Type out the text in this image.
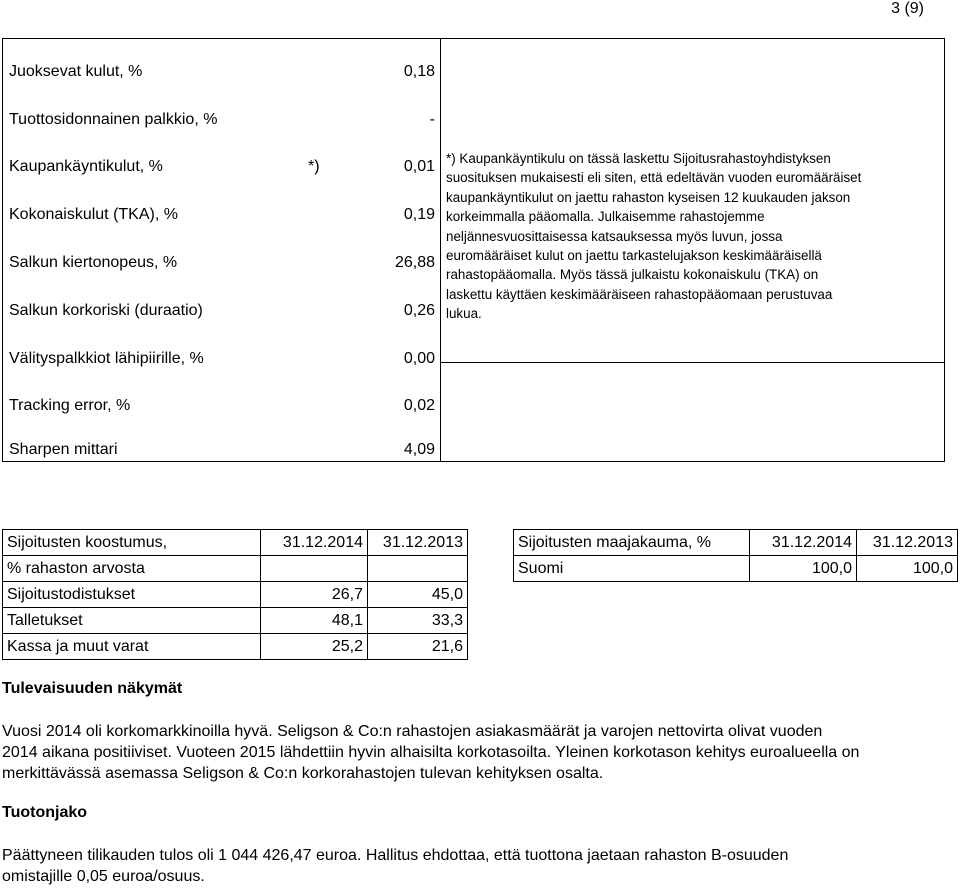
3 (9)
Juoksevat kulut, %	0,18
Tuottosidonnainen palkkio, %	-
Kaupankäyntikulut, %	*)	0,01
Kokonaiskulut (TKA), %	0,19
Salkun kiertonopeus, %	26,88
Salkun korkoriski (duraatio)	0,26
Välityspalkkiot lähipiirille, %	0,00
Tracking error, %	0,02
Sharpen mittari	4,09
*) Kaupankäyntikulu on tässä laskettu Sijoitusrahastoyhdistyksen
suosituksen mukaisesti eli siten, että edeltävän vuoden euromääräiset
kaupankäyntikulut on jaettu rahaston kyseisen 12 kuukauden jakson
korkeimmalla pääomalla. Julkaisemme rahastojemme
neljännesvuosittaisessa katsauksessa myös luvun, jossa
euromääräiset kulut on jaettu tarkastelujakson keskimääräisellä
rahastopääomalla. Myös tässä julkaistu kokonaiskulu (TKA) on
laskettu käyttäen keskimääräiseen rahastopääomaan perustuvaa
lukua.
Sijoitusten koostumus,	31.12.2014	31.12.2013
% rahaston arvosta		
Sijoitustodistukset	26,7	45,0
Talletukset	48,1	33,3
Kassa ja muut varat	25,2	21,6
Sijoitusten maajakauma, %	31.12.2014	31.12.2013
Suomi	100,0	100,0
Tulevaisuuden näkymät
Vuosi 2014 oli korkomarkkinoilla hyvä. Seligson & Co:n rahastojen asiakasmäärät ja varojen nettovirta olivat vuoden
2014 aikana positiiviset. Vuoteen 2015 lähdettiin hyvin alhaisilta korkotasoilta. Yleinen korkotason kehitys euroalueella on
merkittävässä asemassa Seligson & Co:n korkorahastojen tulevan kehityksen osalta.
Tuotonjako
Päättyneen tilikauden tulos oli 1 044 426,47 euroa. Hallitus ehdottaa, että tuottona jaetaan rahaston B-osuuden
omistajille 0,05 euroa/osuus.
